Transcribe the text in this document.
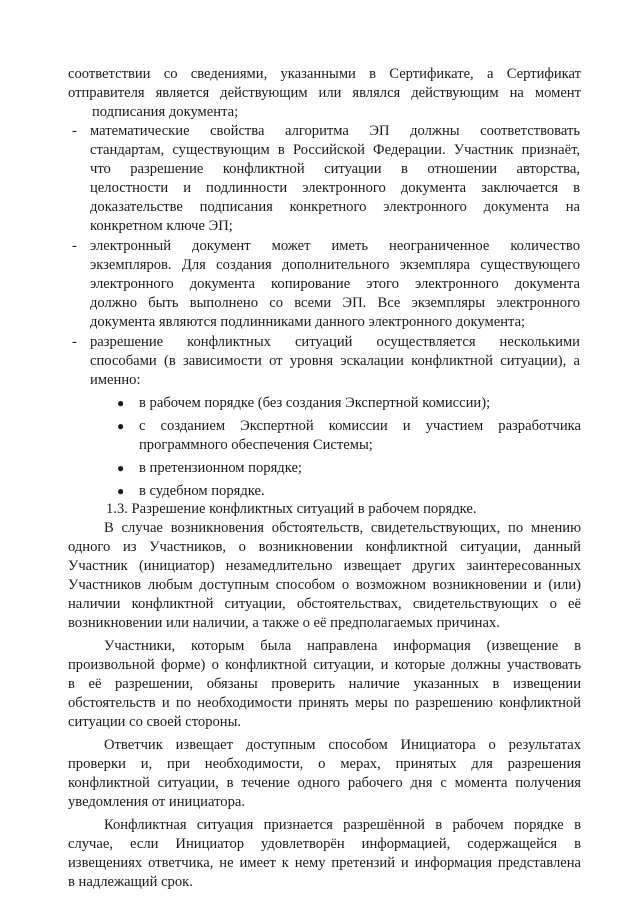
соответствии со сведениями, указанными в Сертификате, а Сертификат
отправителя является действующим или являлся действующим на момент
подписания документа;
- математические свойства алгоритма ЭП должны соответствовать
стандартам, существующим в Российской Федерации. Участник признаёт,
что разрешение конфликтной ситуации в отношении авторства,
целостности и подлинности электронного документа заключается в
доказательстве подписания конкретного электронного документа на
конкретном ключе ЭП;
- электронный документ может иметь неограниченное количество
экземпляров. Для создания дополнительного экземпляра существующего
электронного документа копирование этого электронного документа
должно быть выполнено со всеми ЭП. Все экземпляры электронного
документа являются подлинниками данного электронного документа;
- разрешение конфликтных ситуаций осуществляется несколькими
способами (в зависимости от уровня эскалации конфликтной ситуации), а
именно:
●	в рабочем порядке (без создания Экспертной комиссии);
●	с созданием Экспертной комиссии и участием разработчика
программного обеспечения Системы;
●	в претензионном порядке;
●	в судебном порядке.
1.3. Разрешение конфликтных ситуаций в рабочем порядке.
В случае возникновения обстоятельств, свидетельствующих, по мнению
одного из Участников, о возникновении конфликтной ситуации, данный
Участник (инициатор) незамедлительно извещает других заинтересованных
Участников любым доступным способом о возможном возникновении и (или)
наличии конфликтной ситуации, обстоятельствах, свидетельствующих о её
возникновении или наличии, а также о её предполагаемых причинах.
Участники, которым была направлена информация (извещение в
произвольной форме) о конфликтной ситуации, и которые должны участвовать
в её разрешении, обязаны проверить наличие указанных в извещении
обстоятельств и по необходимости принять меры по разрешению конфликтной
ситуации со своей стороны.
Ответчик извещает доступным способом Инициатора о результатах
проверки и, при необходимости, о мерах, принятых для разрешения
конфликтной ситуации, в течение одного рабочего дня с момента получения
уведомления от инициатора.
Конфликтная ситуация признается разрешённой в рабочем порядке в
случае, если Инициатор удовлетворён информацией, содержащейся в
извещениях ответчика, не имеет к нему претензий и информация представлена
в надлежащий срок.
